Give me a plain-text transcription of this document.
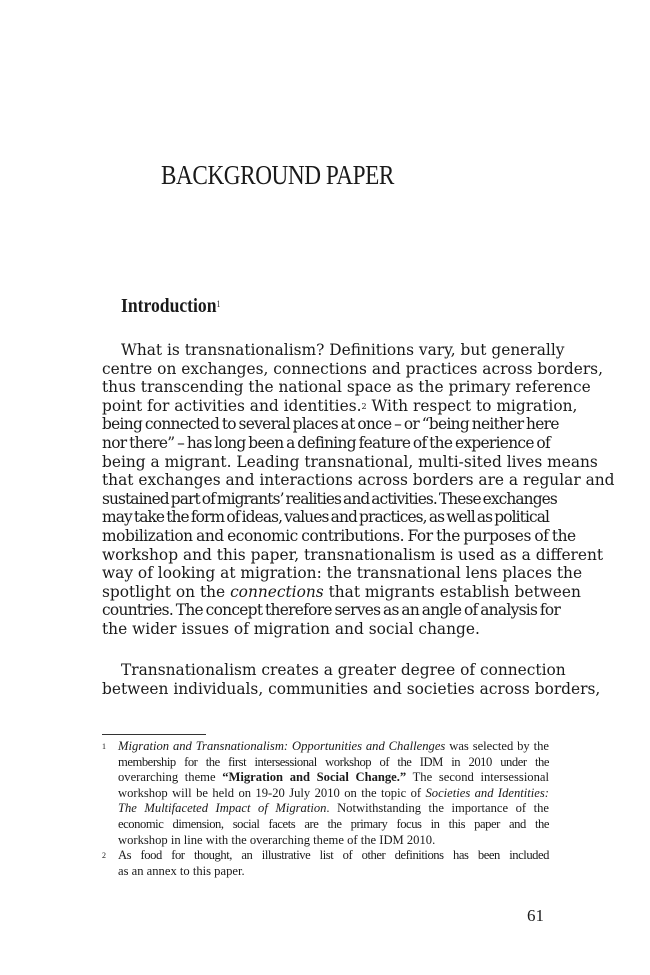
BACKGROUND PAPER
Introduction$^1$
What is transnationalism? Definitions vary, but generally
centre on exchanges, connections and practices across borders,
thus transcending the national space as the primary reference
point for activities and identities.$^2$ With respect to migration,
being connected to several places at once – or “being neither here
nor there” – has long been a defining feature of the experience of
being a migrant. Leading transnational, multi-sited lives means
that exchanges and interactions across borders are a regular and
sustained part of migrants’ realities and activities. These exchanges
may take the form of ideas, values and practices, as well as political
mobilization and economic contributions. For the purposes of the
workshop and this paper, transnationalism is used as a different
way of looking at migration: the transnational lens places the
spotlight on the connections that migrants establish between
countries. The concept therefore serves as an angle of analysis for
the wider issues of migration and social change.
Transnationalism creates a greater degree of connection
between individuals, communities and societies across borders,
1 Migration and Transnationalism: Opportunities and Challenges was selected by the
membership for the first intersessional workshop of the IDM in 2010 under the
overarching theme “Migration and Social Change.” The second intersessional
workshop will be held on 19-20 July 2010 on the topic of Societies and Identities:
The Multifaceted Impact of Migration. Notwithstanding the importance of the
economic dimension, social facets are the primary focus in this paper and the
workshop in line with the overarching theme of the IDM 2010.
2 As food for thought, an illustrative list of other definitions has been included
as an annex to this paper.
61
